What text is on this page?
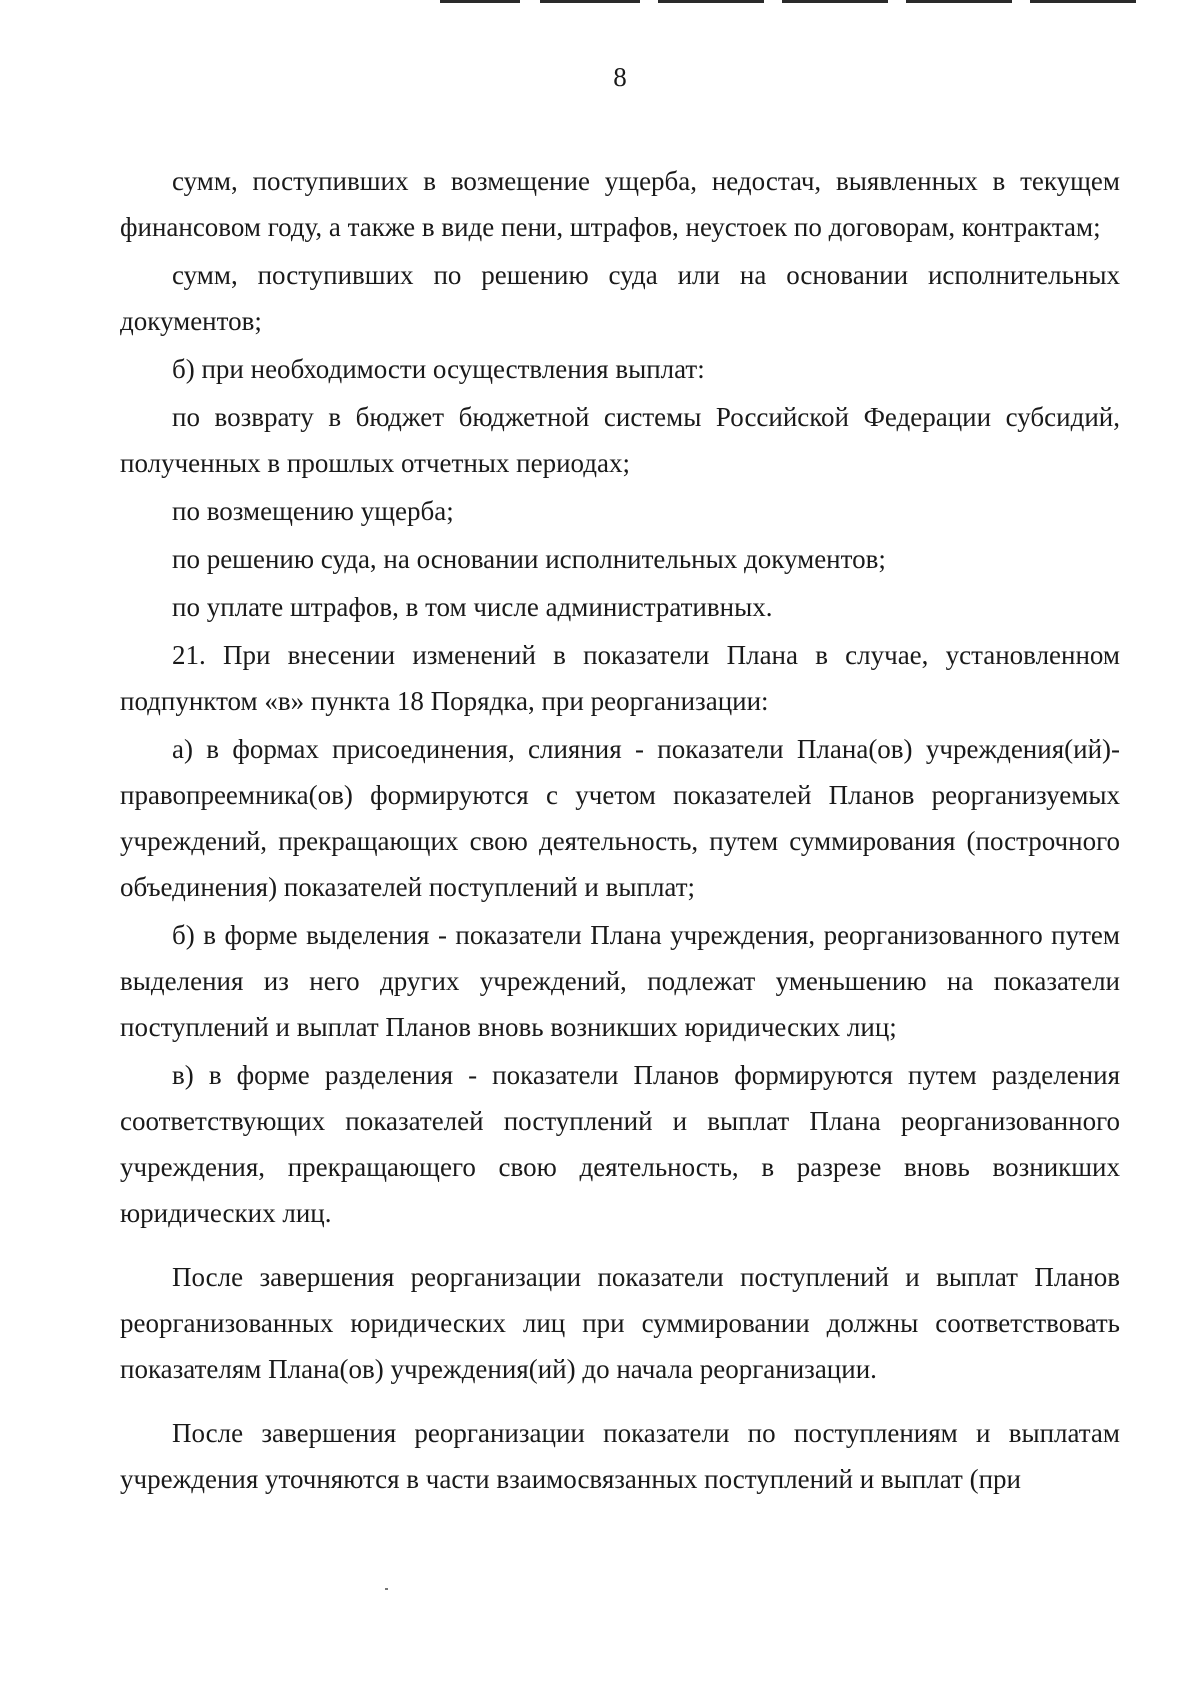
8

сумм, поступивших в возмещение ущерба, недостач, выявленных в текущем финансовом году, а также в виде пени, штрафов, неустоек по договорам, контрактам;

сумм, поступивших по решению суда или на основании исполнительных документов;

б) при необходимости осуществления выплат:

по возврату в бюджет бюджетной системы Российской Федерации субсидий, полученных в прошлых отчетных периодах;

по возмещению ущерба;

по решению суда, на основании исполнительных документов;

по уплате штрафов, в том числе административных.

21. При внесении изменений в показатели Плана в случае, установленном подпунктом «в» пункта 18 Порядка, при реорганизации:

а) в формах присоединения, слияния - показатели Плана(ов) учреждения(ий)-правопреемника(ов) формируются с учетом показателей Планов реорганизуемых учреждений, прекращающих свою деятельность, путем суммирования (построчного объединения) показателей поступлений и выплат;

б) в форме выделения - показатели Плана учреждения, реорганизованного путем выделения из него других учреждений, подлежат уменьшению на показатели поступлений и выплат Планов вновь возникших юридических лиц;

в) в форме разделения - показатели Планов формируются путем разделения соответствующих показателей поступлений и выплат Плана реорганизованного учреждения, прекращающего свою деятельность, в разрезе вновь возникших юридических лиц.

После завершения реорганизации показатели поступлений и выплат Планов реорганизованных юридических лиц при суммировании должны соответствовать показателям Плана(ов) учреждения(ий) до начала реорганизации.

После завершения реорганизации показатели по поступлениям и выплатам учреждения уточняются в части взаимосвязанных поступлений и выплат (при
